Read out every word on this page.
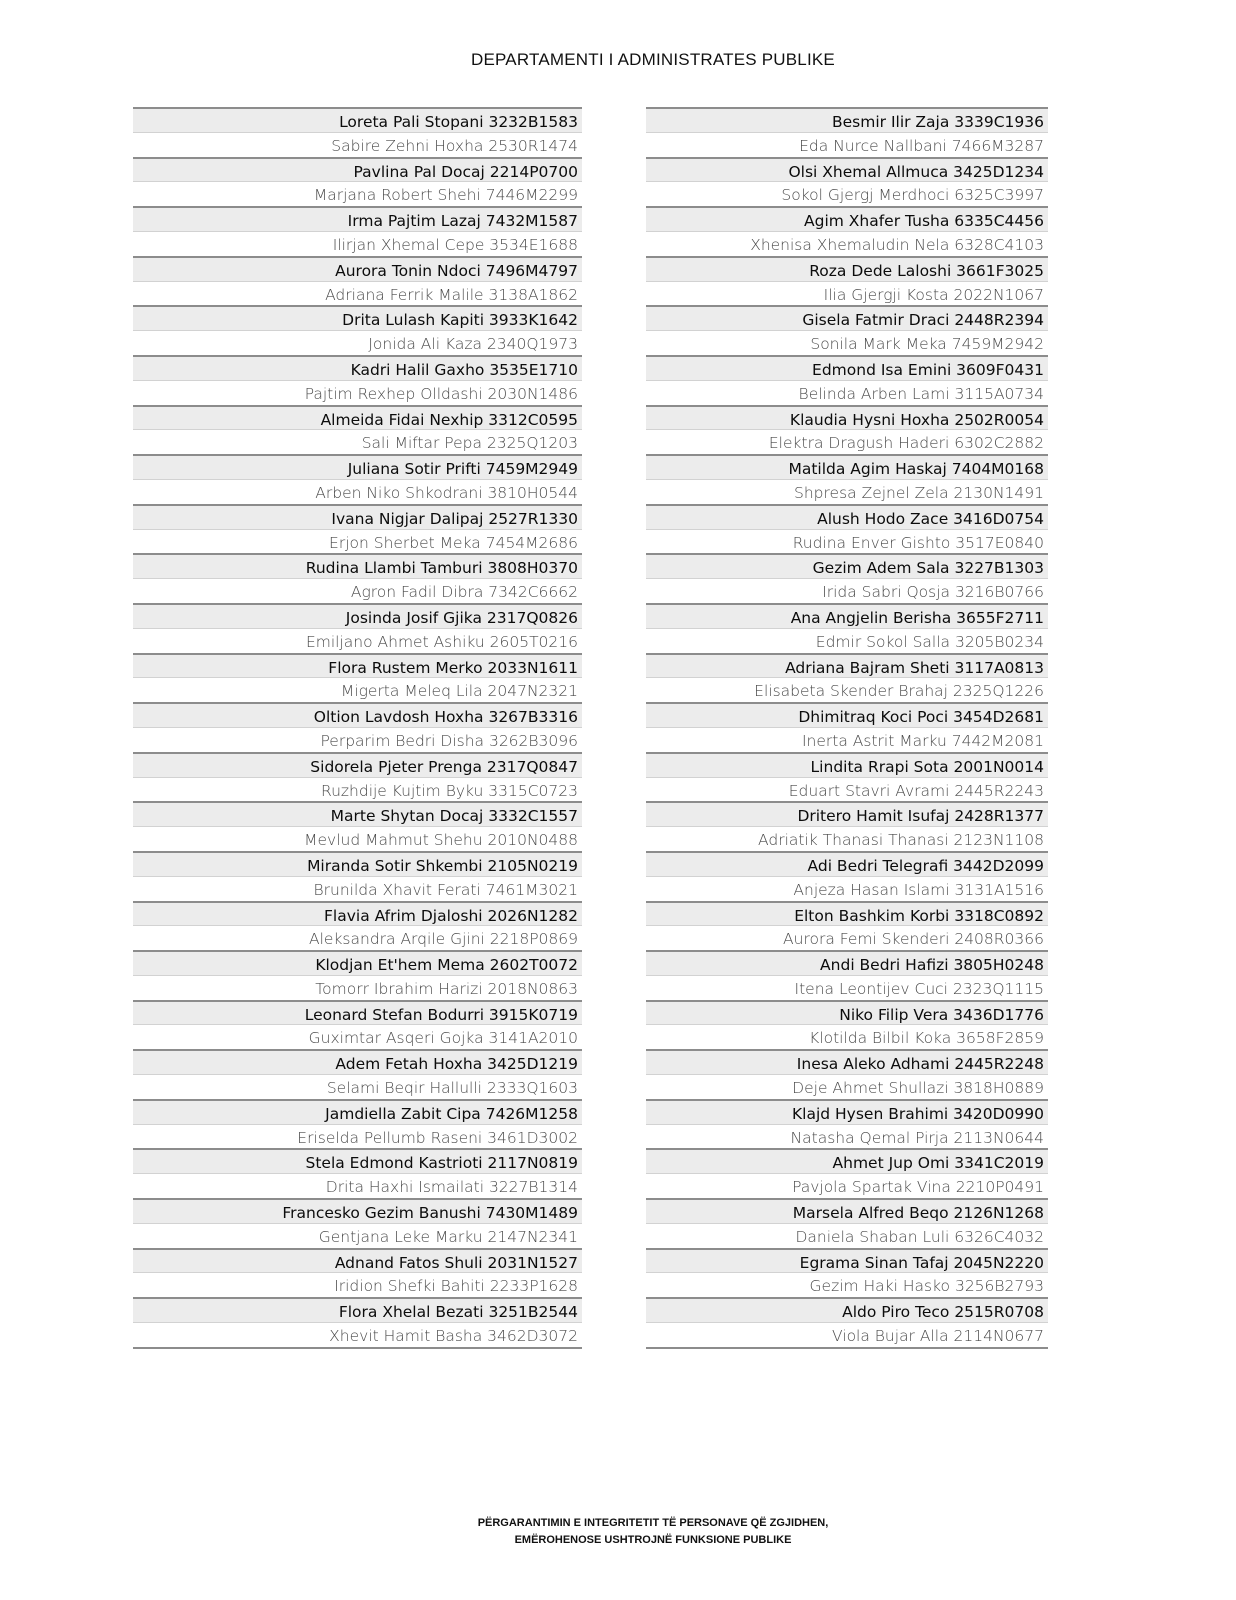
DEPARTAMENTI I ADMINISTRATES PUBLIKE
Loreta Pali Stopani 3232B1583
Sabire Zehni Hoxha 2530R1474
Pavlina Pal Docaj 2214P0700
Marjana Robert Shehi 7446M2299
Irma Pajtim Lazaj 7432M1587
Ilirjan Xhemal Cepe 3534E1688
Aurora Tonin Ndoci 7496M4797
Adriana Ferrik Malile 3138A1862
Drita Lulash Kapiti 3933K1642
Jonida Ali Kaza 2340Q1973
Kadri Halil Gaxho 3535E1710
Pajtim Rexhep Olldashi 2030N1486
Almeida Fidai Nexhip 3312C0595
Sali Miftar Pepa 2325Q1203
Juliana Sotir Prifti 7459M2949
Arben Niko Shkodrani 3810H0544
Ivana Nigjar Dalipaj 2527R1330
Erjon Sherbet Meka 7454M2686
Rudina Llambi Tamburi 3808H0370
Agron Fadil Dibra 7342C6662
Josinda Josif Gjika 2317Q0826
Emiljano Ahmet Ashiku 2605T0216
Flora Rustem Merko 2033N1611
Migerta Meleq Lila 2047N2321
Oltion Lavdosh Hoxha 3267B3316
Perparim Bedri Disha 3262B3096
Sidorela Pjeter Prenga 2317Q0847
Ruzhdije Kujtim Byku 3315C0723
Marte Shytan Docaj 3332C1557
Mevlud Mahmut Shehu 2010N0488
Miranda Sotir Shkembi 2105N0219
Brunilda Xhavit Ferati 7461M3021
Flavia Afrim Djaloshi 2026N1282
Aleksandra Arqile Gjini 2218P0869
Klodjan Et'hem Mema 2602T0072
Tomorr Ibrahim Harizi 2018N0863
Leonard Stefan Bodurri 3915K0719
Guximtar Asqeri Gojka 3141A2010
Adem Fetah Hoxha 3425D1219
Selami Beqir Hallulli 2333Q1603
Jamdiella Zabit Cipa 7426M1258
Eriselda Pellumb Raseni 3461D3002
Stela Edmond Kastrioti 2117N0819
Drita Haxhi Ismailati 3227B1314
Francesko Gezim Banushi 7430M1489
Gentjana Leke Marku 2147N2341
Adnand Fatos Shuli 2031N1527
Iridion Shefki Bahiti 2233P1628
Flora Xhelal Bezati 3251B2544
Xhevit Hamit Basha 3462D3072
Besmir Ilir Zaja 3339C1936
Eda Nurce Nallbani 7466M3287
Olsi Xhemal Allmuca 3425D1234
Sokol Gjergj Merdhoci 6325C3997
Agim Xhafer Tusha 6335C4456
Xhenisa Xhemaludin Nela 6328C4103
Roza Dede Laloshi 3661F3025
Ilia Gjergji Kosta 2022N1067
Gisela Fatmir Draci 2448R2394
Sonila Mark Meka 7459M2942
Edmond Isa Emini 3609F0431
Belinda Arben Lami 3115A0734
Klaudia Hysni Hoxha 2502R0054
Elektra Dragush Haderi 6302C2882
Matilda Agim Haskaj 7404M0168
Shpresa Zejnel Zela 2130N1491
Alush Hodo Zace 3416D0754
Rudina Enver Gishto 3517E0840
Gezim Adem Sala 3227B1303
Irida Sabri Qosja 3216B0766
Ana Angjelin Berisha 3655F2711
Edmir Sokol Salla 3205B0234
Adriana Bajram Sheti 3117A0813
Elisabeta Skender Brahaj 2325Q1226
Dhimitraq Koci Poci 3454D2681
Inerta Astrit Marku 7442M2081
Lindita Rrapi Sota 2001N0014
Eduart Stavri Avrami 2445R2243
Dritero Hamit Isufaj 2428R1377
Adriatik Thanasi Thanasi 2123N1108
Adi Bedri Telegrafi 3442D2099
Anjeza Hasan Islami 3131A1516
Elton Bashkim Korbi 3318C0892
Aurora Femi Skenderi 2408R0366
Andi Bedri Hafizi 3805H0248
Itena Leontijev Cuci 2323Q1115
Niko Filip Vera 3436D1776
Klotilda Bilbil Koka 3658F2859
Inesa Aleko Adhami 2445R2248
Deje Ahmet Shullazi 3818H0889
Klajd Hysen Brahimi 3420D0990
Natasha Qemal Pirja 2113N0644
Ahmet Jup Omi 3341C2019
Pavjola Spartak Vina 2210P0491
Marsela Alfred Beqo 2126N1268
Daniela Shaban Luli 6326C4032
Egrama Sinan Tafaj 2045N2220
Gezim Haki Hasko 3256B2793
Aldo Piro Teco 2515R0708
Viola Bujar Alla 2114N0677
PËRGARANTIMIN E INTEGRITETIT TË PERSONAVE QË ZGJIDHEN,
EMËROHENOSE USHTROJNË FUNKSIONE PUBLIKE
